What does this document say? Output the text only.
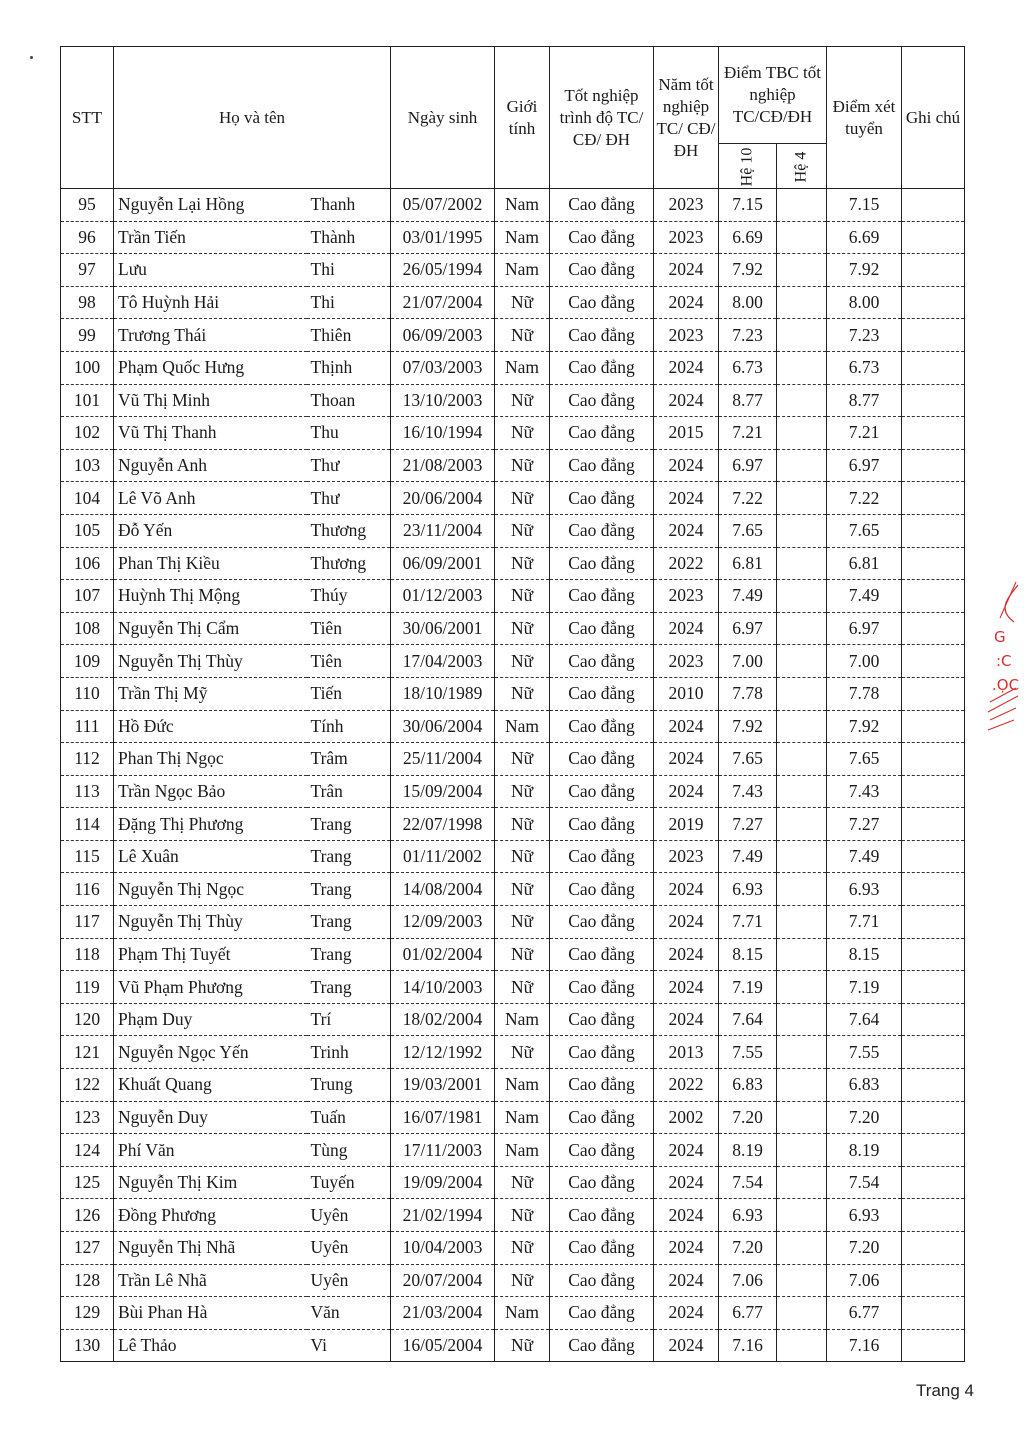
STT	Họ và tên		Ngày sinh	Giới tính	Tốt nghiệp trình độ TC/ CĐ/ ĐH	Năm tốt nghiệp TC/ CĐ/ ĐH	Điểm TBC tốt nghiệp TC/CĐ/ĐH		Điểm xét tuyển	Ghi chú
							Hệ 10	Hệ 4		
95	Nguyễn Lại Hồng	Thanh	05/07/2002	Nam	Cao đẳng	2023	7.15		7.15	
96	Trần Tiến	Thành	03/01/1995	Nam	Cao đẳng	2023	6.69		6.69	
97	Lưu	Thi	26/05/1994	Nam	Cao đẳng	2024	7.92		7.92	
98	Tô Huỳnh Hải	Thi	21/07/2004	Nữ	Cao đẳng	2024	8.00		8.00	
99	Trương Thái	Thiên	06/09/2003	Nữ	Cao đẳng	2023	7.23		7.23	
100	Phạm Quốc Hưng	Thịnh	07/03/2003	Nam	Cao đẳng	2024	6.73		6.73	
101	Vũ Thị Minh	Thoan	13/10/2003	Nữ	Cao đẳng	2024	8.77		8.77	
102	Vũ Thị Thanh	Thu	16/10/1994	Nữ	Cao đẳng	2015	7.21		7.21	
103	Nguyễn Anh	Thư	21/08/2003	Nữ	Cao đẳng	2024	6.97		6.97	
104	Lê Võ Anh	Thư	20/06/2004	Nữ	Cao đẳng	2024	7.22		7.22	
105	Đỗ Yến	Thương	23/11/2004	Nữ	Cao đẳng	2024	7.65		7.65	
106	Phan Thị Kiều	Thương	06/09/2001	Nữ	Cao đẳng	2022	6.81		6.81	
107	Huỳnh Thị Mộng	Thúy	01/12/2003	Nữ	Cao đẳng	2023	7.49		7.49	
108	Nguyễn Thị Cẩm	Tiên	30/06/2001	Nữ	Cao đẳng	2024	6.97		6.97	
109	Nguyễn Thị Thùy	Tiên	17/04/2003	Nữ	Cao đẳng	2023	7.00		7.00	
110	Trần Thị Mỹ	Tiến	18/10/1989	Nữ	Cao đẳng	2010	7.78		7.78	
111	Hồ Đức	Tính	30/06/2004	Nam	Cao đẳng	2024	7.92		7.92	
112	Phan Thị Ngọc	Trâm	25/11/2004	Nữ	Cao đẳng	2024	7.65		7.65	
113	Trần Ngọc Bảo	Trân	15/09/2004	Nữ	Cao đẳng	2024	7.43		7.43	
114	Đặng Thị Phương	Trang	22/07/1998	Nữ	Cao đẳng	2019	7.27		7.27	
115	Lê Xuân	Trang	01/11/2002	Nữ	Cao đẳng	2023	7.49		7.49	
116	Nguyễn Thị Ngọc	Trang	14/08/2004	Nữ	Cao đẳng	2024	6.93		6.93	
117	Nguyễn Thị Thùy	Trang	12/09/2003	Nữ	Cao đẳng	2024	7.71		7.71	
118	Phạm Thị Tuyết	Trang	01/02/2004	Nữ	Cao đẳng	2024	8.15		8.15	
119	Vũ Phạm Phương	Trang	14/10/2003	Nữ	Cao đẳng	2024	7.19		7.19	
120	Phạm Duy	Trí	18/02/2004	Nam	Cao đẳng	2024	7.64		7.64	
121	Nguyễn Ngọc Yến	Trinh	12/12/1992	Nữ	Cao đẳng	2013	7.55		7.55	
122	Khuất Quang	Trung	19/03/2001	Nam	Cao đẳng	2022	6.83		6.83	
123	Nguyễn Duy	Tuấn	16/07/1981	Nam	Cao đẳng	2002	7.20		7.20	
124	Phí Văn	Tùng	17/11/2003	Nam	Cao đẳng	2024	8.19		8.19	
125	Nguyễn Thị Kim	Tuyến	19/09/2004	Nữ	Cao đẳng	2024	7.54		7.54	
126	Đồng Phương	Uyên	21/02/1994	Nữ	Cao đẳng	2024	6.93		6.93	
127	Nguyễn Thị Nhã	Uyên	10/04/2003	Nữ	Cao đẳng	2024	7.20		7.20	
128	Trần Lê Nhã	Uyên	20/07/2004	Nữ	Cao đẳng	2024	7.06		7.06	
129	Bùi Phan Hà	Văn	21/03/2004	Nam	Cao đẳng	2024	6.77		6.77	
130	Lê Thảo	Vi	16/05/2004	Nữ	Cao đẳng	2024	7.16		7.16	
G
:C
.ỌC
Trang 4
